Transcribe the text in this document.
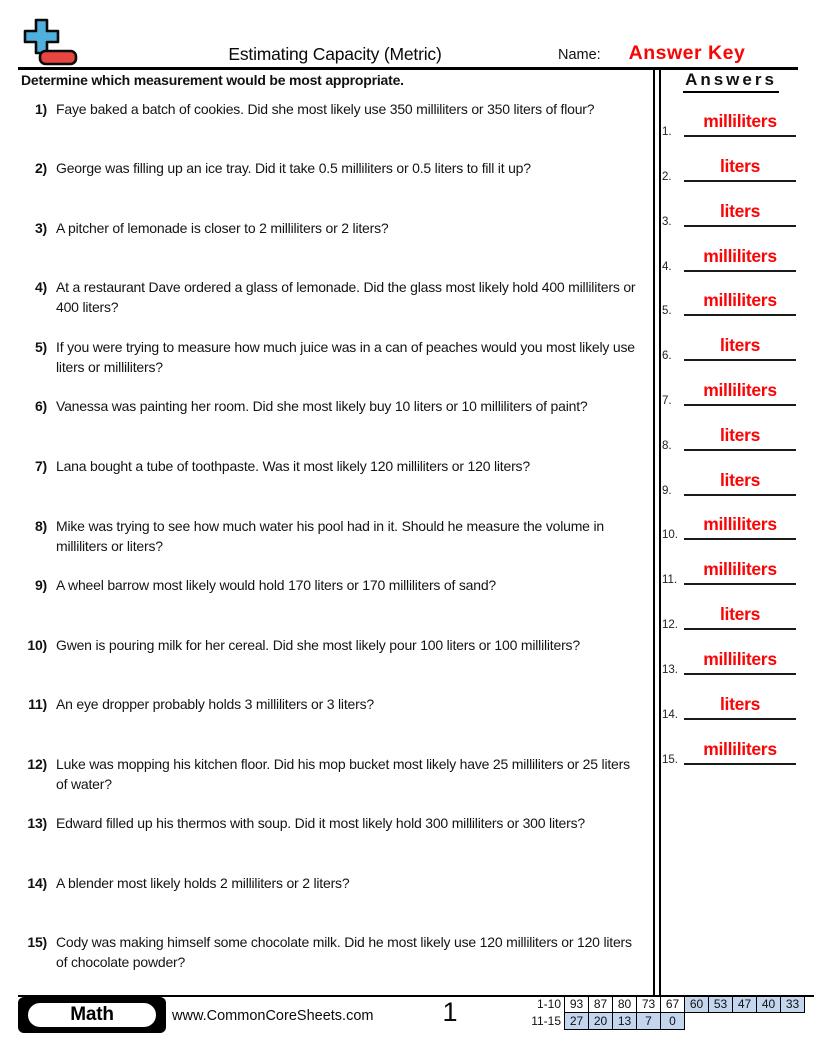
Estimating Capacity (Metric)	Name:	Answer Key
Determine which measurement would be most appropriate.	Answers
1) Faye baked a batch of cookies. Did she most likely use 350 milliliters or 350 liters of flour?
2) George was filling up an ice tray. Did it take 0.5 milliliters or 0.5 liters to fill it up?
3) A pitcher of lemonade is closer to 2 milliliters or 2 liters?
4) At a restaurant Dave ordered a glass of lemonade. Did the glass most likely hold 400 milliliters or 400 liters?
5) If you were trying to measure how much juice was in a can of peaches would you most likely use liters or milliliters?
6) Vanessa was painting her room. Did she most likely buy 10 liters or 10 milliliters of paint?
7) Lana bought a tube of toothpaste. Was it most likely 120 milliliters or 120 liters?
8) Mike was trying to see how much water his pool had in it. Should he measure the volume in milliliters or liters?
9) A wheel barrow most likely would hold 170 liters or 170 milliliters of sand?
10) Gwen is pouring milk for her cereal. Did she most likely pour 100 liters or 100 milliliters?
11) An eye dropper probably holds 3 milliliters or 3 liters?
12) Luke was mopping his kitchen floor. Did his mop bucket most likely have 25 milliliters or 25 liters of water?
13) Edward filled up his thermos with soup. Did it most likely hold 300 milliliters or 300 liters?
14) A blender most likely holds 2 milliliters or 2 liters?
15) Cody was making himself some chocolate milk. Did he most likely use 120 milliliters or 120 liters of chocolate powder?
1.
milliliters
2.
liters
3.
liters
4.
milliliters
5.
milliliters
6.
liters
7.
milliliters
8.
liters
9.
liters
10.
milliliters
11.
milliliters
12.
liters
13.
milliliters
14.
liters
15.
milliliters
Math	www.CommonCoreSheets.com	1	1-10 93 87 80 73 67 60 53 47 40 33
11-15 27 20 13	7	0
